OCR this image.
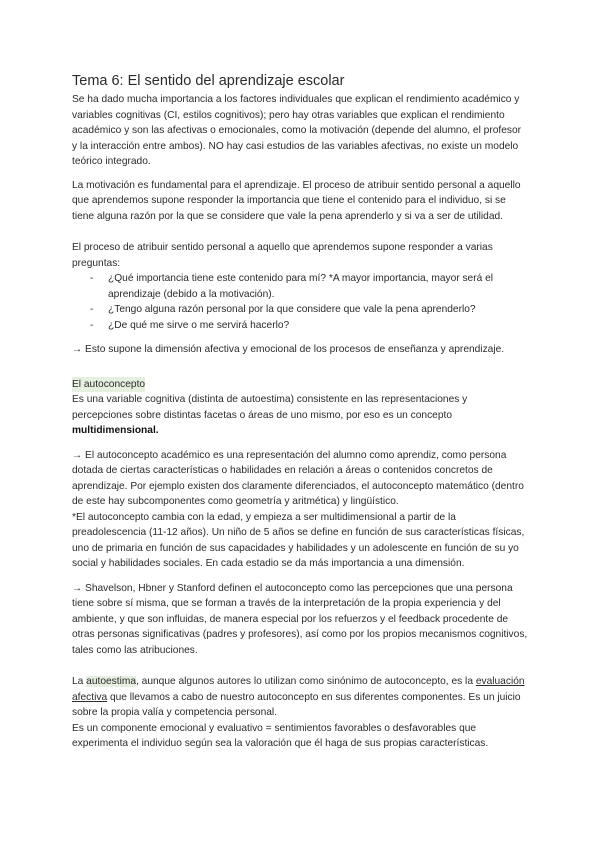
Tema 6: El sentido del aprendizaje escolar

Se ha dado mucha importancia a los factores individuales que explican el rendimiento académico y variables cognitivas (CI, estilos cognitivos); pero hay otras variables que explican el rendimiento académico y son las afectivas o emocionales, como la motivación (depende del alumno, el profesor y la interacción entre ambos). NO hay casi estudios de las variables afectivas, no existe un modelo teórico integrado.

La motivación es fundamental para el aprendizaje. El proceso de atribuir sentido personal a aquello que aprendemos supone responder la importancia que tiene el contenido para el individuo, si se tiene alguna razón por la que se considere que vale la pena aprenderlo y si va a ser de utilidad.

El proceso de atribuir sentido personal a aquello que aprendemos supone responder a varias preguntas:

- ¿Qué importancia tiene este contenido para mí? *A mayor importancia, mayor será el aprendizaje (debido a la motivación).
- ¿Tengo alguna razón personal por la que considere que vale la pena aprenderlo?
- ¿De qué me sirve o me servirá hacerlo?

→ Esto supone la dimensión afectiva y emocional de los procesos de enseñanza y aprendizaje.

El autoconcepto

Es una variable cognitiva (distinta de autoestima) consistente en las representaciones y percepciones sobre distintas facetas o áreas de uno mismo, por eso es un concepto multidimensional.

→ El autoconcepto académico es una representación del alumno como aprendiz, como persona dotada de ciertas características o habilidades en relación a áreas o contenidos concretos de aprendizaje. Por ejemplo existen dos claramente diferenciados, el autoconcepto matemático (dentro de este hay subcomponentes como geometría y aritmética) y lingüístico.

*El autoconcepto cambia con la edad, y empieza a ser multidimensional a partir de la preadolescencia (11-12 años). Un niño de 5 años se define en función de sus características físicas, uno de primaria en función de sus capacidades y habilidades y un adolescente en función de su yo social y habilidades sociales. En cada estadio se da más importancia a una dimensión.

→ Shavelson, Hbner y Stanford definen el autoconcepto como las percepciones que una persona tiene sobre sí misma, que se forman a través de la interpretación de la propia experiencia y del ambiente, y que son influidas, de manera especial por los refuerzos y el feedback procedente de otras personas significativas (padres y profesores), así como por los propios mecanismos cognitivos, tales como las atribuciones.

La autoestima, aunque algunos autores lo utilizan como sinónimo de autoconcepto, es la evaluación afectiva que llevamos a cabo de nuestro autoconcepto en sus diferentes componentes. Es un juicio sobre la propia valía y competencia personal.

Es un componente emocional y evaluativo = sentimientos favorables o desfavorables que experimenta el individuo según sea la valoración que él haga de sus propias características.
